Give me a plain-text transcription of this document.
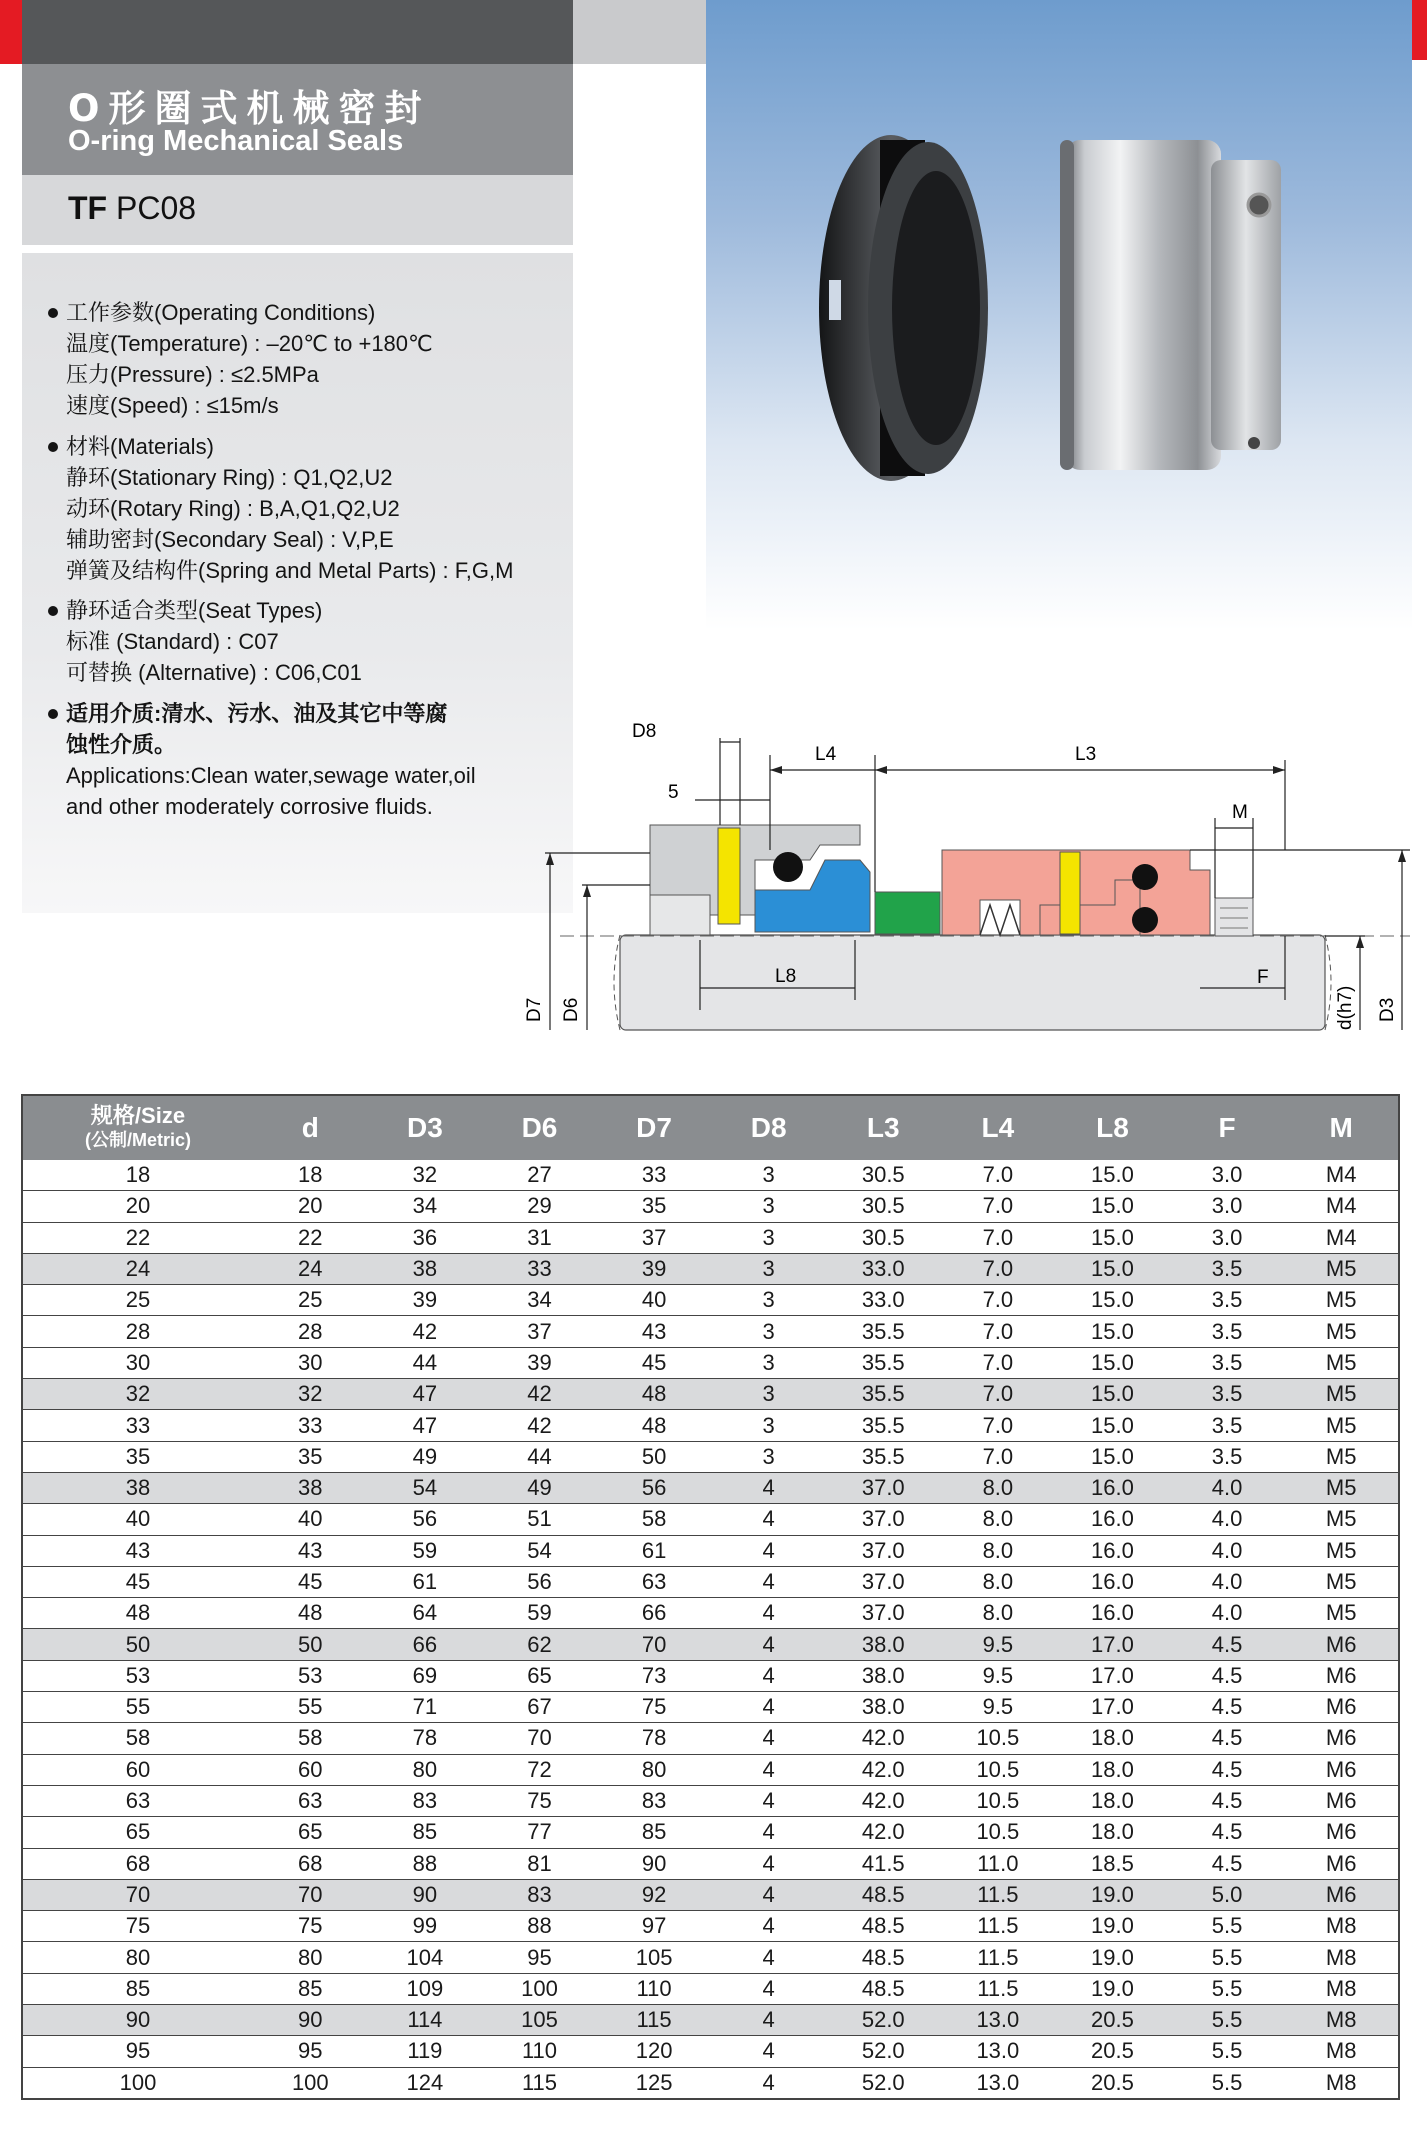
O形圈式机械密封
O-ring Mechanical Seals
TF PC08
工作参数(Operating Conditions)
温度(Temperature) : –20℃ to +180℃
压力(Pressure) : ≤2.5MPa
速度(Speed) : ≤15m/s
材料(Materials)
静环(Stationary Ring) : Q1,Q2,U2
动环(Rotary Ring) : B,A,Q1,Q2,U2
辅助密封(Secondary Seal) : V,P,E
弹簧及结构件(Spring and Metal Parts) : F,G,M
静环适合类型(Seat Types)
标准 (Standard) : C07
可替换 (Alternative) : C06,C01
适用介质:清水、污水、油及其它中等腐
蚀性介质。
Applications:Clean water,sewage water,oil
and other moderately corrosive fluids.
D8
L4	L3
5
M
L8	F
D7 D6	d(h7) D3
规格/Size
(公制/Metric)	d	D3	D6	D7	D8	L3	L4	L8	F	M
18	18	32	27	33	3	30.5	7.0	15.0	3.0	M4
20	20	34	29	35	3	30.5	7.0	15.0	3.0	M4
22	22	36	31	37	3	30.5	7.0	15.0	3.0	M4
24	24	38	33	39	3	33.0	7.0	15.0	3.5	M5
25	25	39	34	40	3	33.0	7.0	15.0	3.5	M5
28	28	42	37	43	3	35.5	7.0	15.0	3.5	M5
30	30	44	39	45	3	35.5	7.0	15.0	3.5	M5
32	32	47	42	48	3	35.5	7.0	15.0	3.5	M5
33	33	47	42	48	3	35.5	7.0	15.0	3.5	M5
35	35	49	44	50	3	35.5	7.0	15.0	3.5	M5
38	38	54	49	56	4	37.0	8.0	16.0	4.0	M5
40	40	56	51	58	4	37.0	8.0	16.0	4.0	M5
43	43	59	54	61	4	37.0	8.0	16.0	4.0	M5
45	45	61	56	63	4	37.0	8.0	16.0	4.0	M5
48	48	64	59	66	4	37.0	8.0	16.0	4.0	M5
50	50	66	62	70	4	38.0	9.5	17.0	4.5	M6
53	53	69	65	73	4	38.0	9.5	17.0	4.5	M6
55	55	71	67	75	4	38.0	9.5	17.0	4.5	M6
58	58	78	70	78	4	42.0	10.5	18.0	4.5	M6
60	60	80	72	80	4	42.0	10.5	18.0	4.5	M6
63	63	83	75	83	4	42.0	10.5	18.0	4.5	M6
65	65	85	77	85	4	42.0	10.5	18.0	4.5	M6
68	68	88	81	90	4	41.5	11.0	18.5	4.5	M6
70	70	90	83	92	4	48.5	11.5	19.0	5.0	M6
75	75	99	88	97	4	48.5	11.5	19.0	5.5	M8
80	80	104	95	105	4	48.5	11.5	19.0	5.5	M8
85	85	109	100	110	4	48.5	11.5	19.0	5.5	M8
90	90	114	105	115	4	52.0	13.0	20.5	5.5	M8
95	95	119	110	120	4	52.0	13.0	20.5	5.5	M8
100	100	124	115	125	4	52.0	13.0	20.5	5.5	M8
